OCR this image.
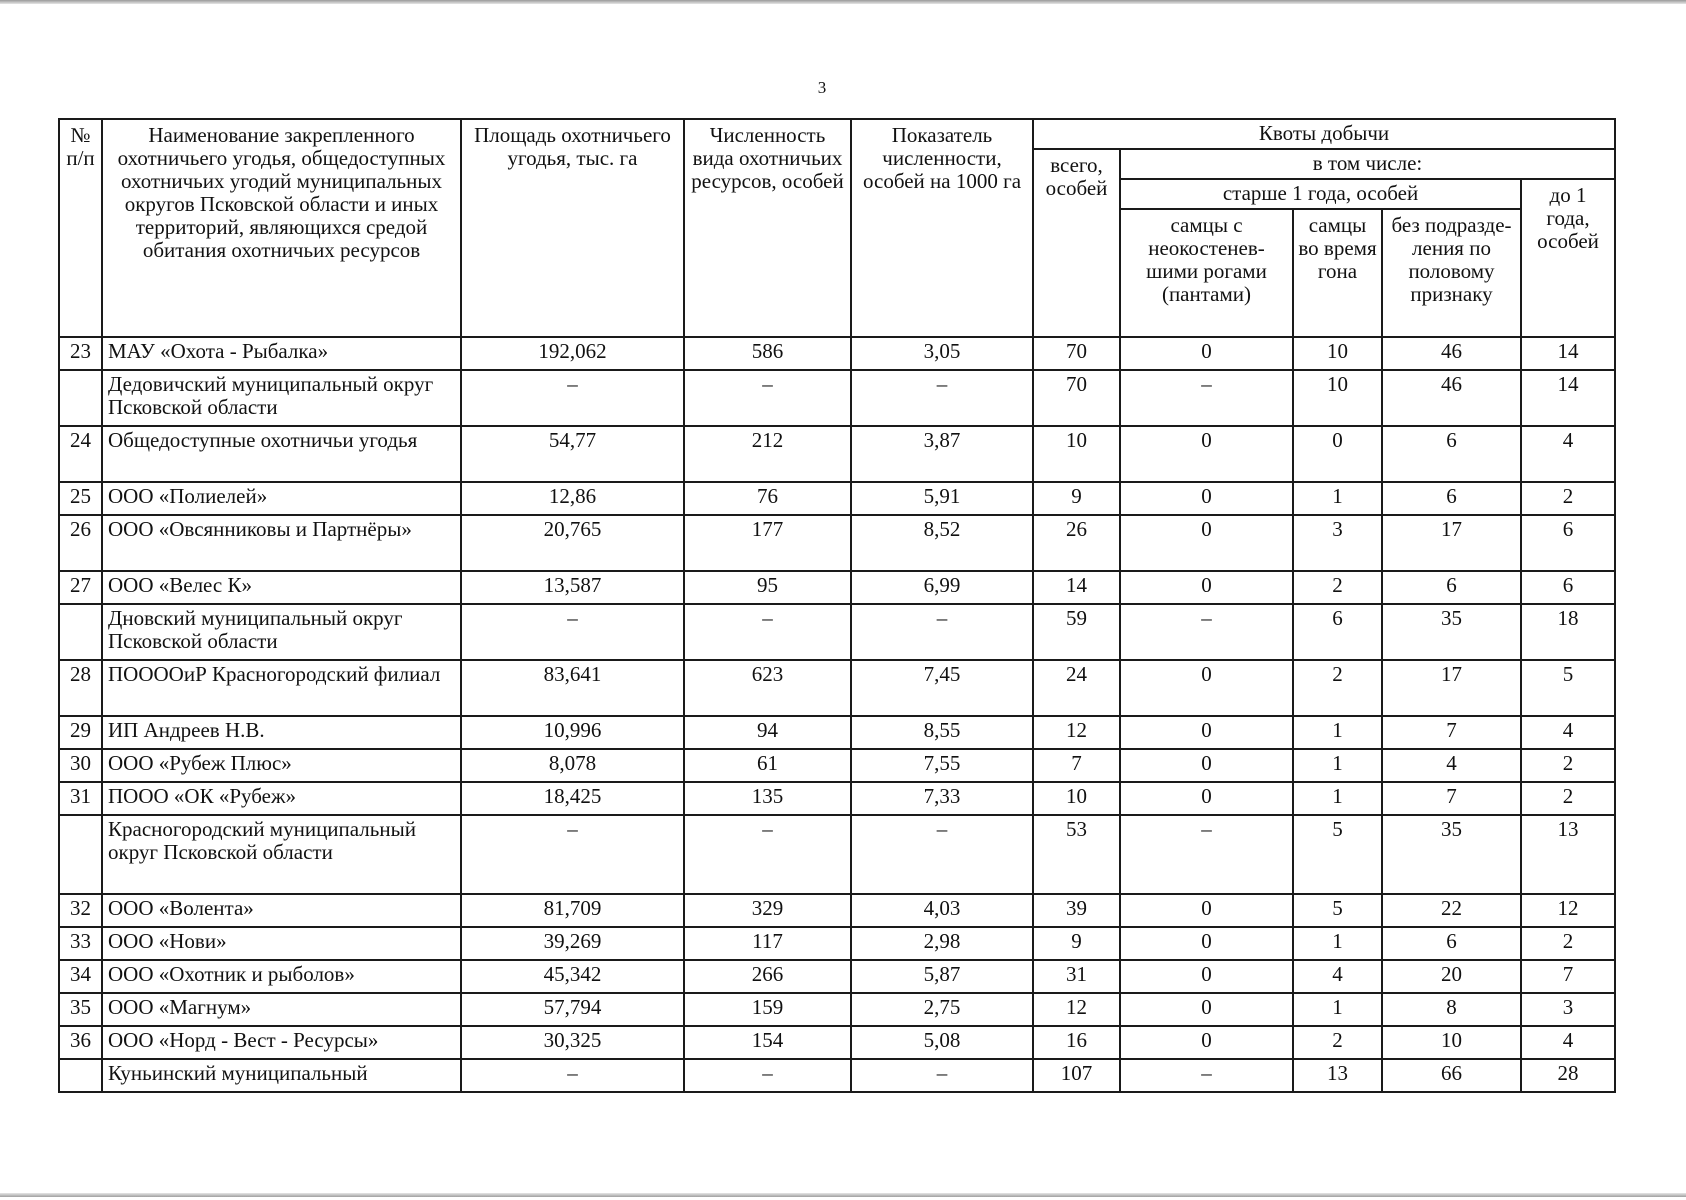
3
№
п/п	Наименование закрепленного охотничьего угодья, общедоступных охотничьих угодий муниципальных округов Псковской области и иных территорий, являющихся средой обитания охотничьих ресурсов	Площадь охотничьего угодья, тыс. га	Численность вида охотничьих ресурсов, особей	Показатель численности, особей на 1000 га	Квоты добычи				
					всего, особей	в том числе:			
						старше 1 года, особей			до 1 года, особей
						самцы с неокостенев-шими рогами (пантами)	самцы во время гона	без подразде-ления по половому признаку	
23	МАУ «Охота - Рыбалка»	192,062	586	3,05	70	0	10	46	14
	Дедовичский муниципальный округ Псковской области	–	–	–	70	–	10	46	14
24	Общедоступные охотничьи угодья	54,77	212	3,87	10	0	0	6	4
25	ООО «Полиелей»	12,86	76	5,91	9	0	1	6	2
26	ООО «Овсянниковы и Партнёры»	20,765	177	8,52	26	0	3	17	6
27	ООО «Велес К»	13,587	95	6,99	14	0	2	6	6
	Дновский муниципальный округ Псковской области	–	–	–	59	–	6	35	18
28	ПОООOиР Красногородский филиал	83,641	623	7,45	24	0	2	17	5
29	ИП Андреев Н.В.	10,996	94	8,55	12	0	1	7	4
30	ООО «Рубеж Плюс»	8,078	61	7,55	7	0	1	4	2
31	ПООО «ОК «Рубеж»	18,425	135	7,33	10	0	1	7	2
	Красногородский муниципальный округ Псковской области	–	–	–	53	–	5	35	13
32	ООО «Волента»	81,709	329	4,03	39	0	5	22	12
33	ООО «Нови»	39,269	117	2,98	9	0	1	6	2
34	ООО «Охотник и рыболов»	45,342	266	5,87	31	0	4	20	7
35	ООО «Магнум»	57,794	159	2,75	12	0	1	8	3
36	ООО «Норд - Вест - Ресурсы»	30,325	154	5,08	16	0	2	10	4
	Куньинский муниципальный	–	–	–	107	–	13	66	28
